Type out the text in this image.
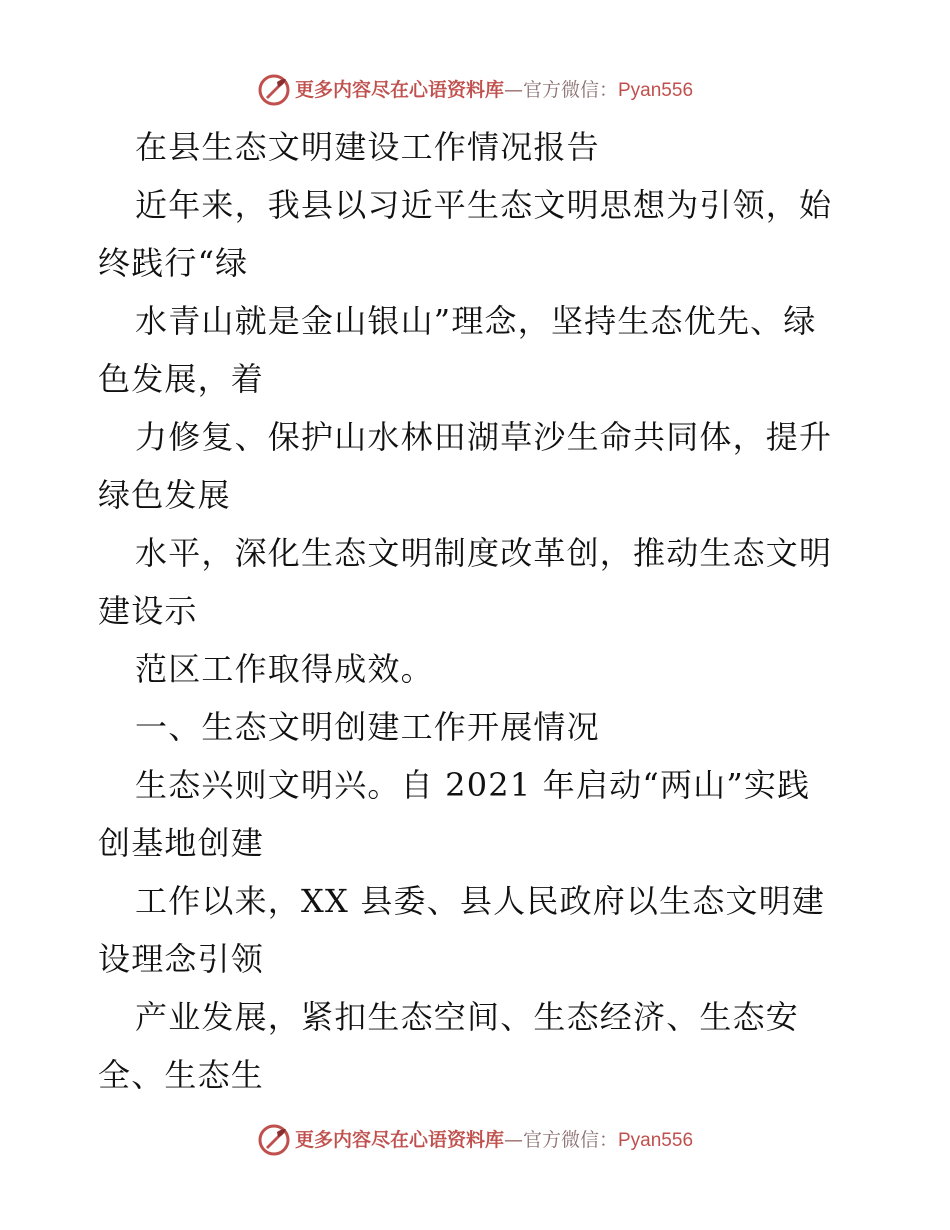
更多内容尽在心语资料库 — 官方微信： Pyan556
在县生态文明建设工作情况报告
近年来，我县以习近平生态文明思想为引领，始
终践行“绿
水青山就是金山银山”理念，坚持生态优先、绿
色发展，着
力修复、保护山水林田湖草沙生命共同体，提升
绿色发展
水平，深化生态文明制度改革创，推动生态文明
建设示
范区工作取得成效。
一、生态文明创建工作开展情况
生态兴则文明兴。自 2021 年启动“两山”实践
创基地创建
工作以来，XX 县委、县人民政府以生态文明建
设理念引领
产业发展，紧扣生态空间、生态经济、生态安
全、生态生
更多内容尽在心语资料库 — 官方微信： Pyan556
